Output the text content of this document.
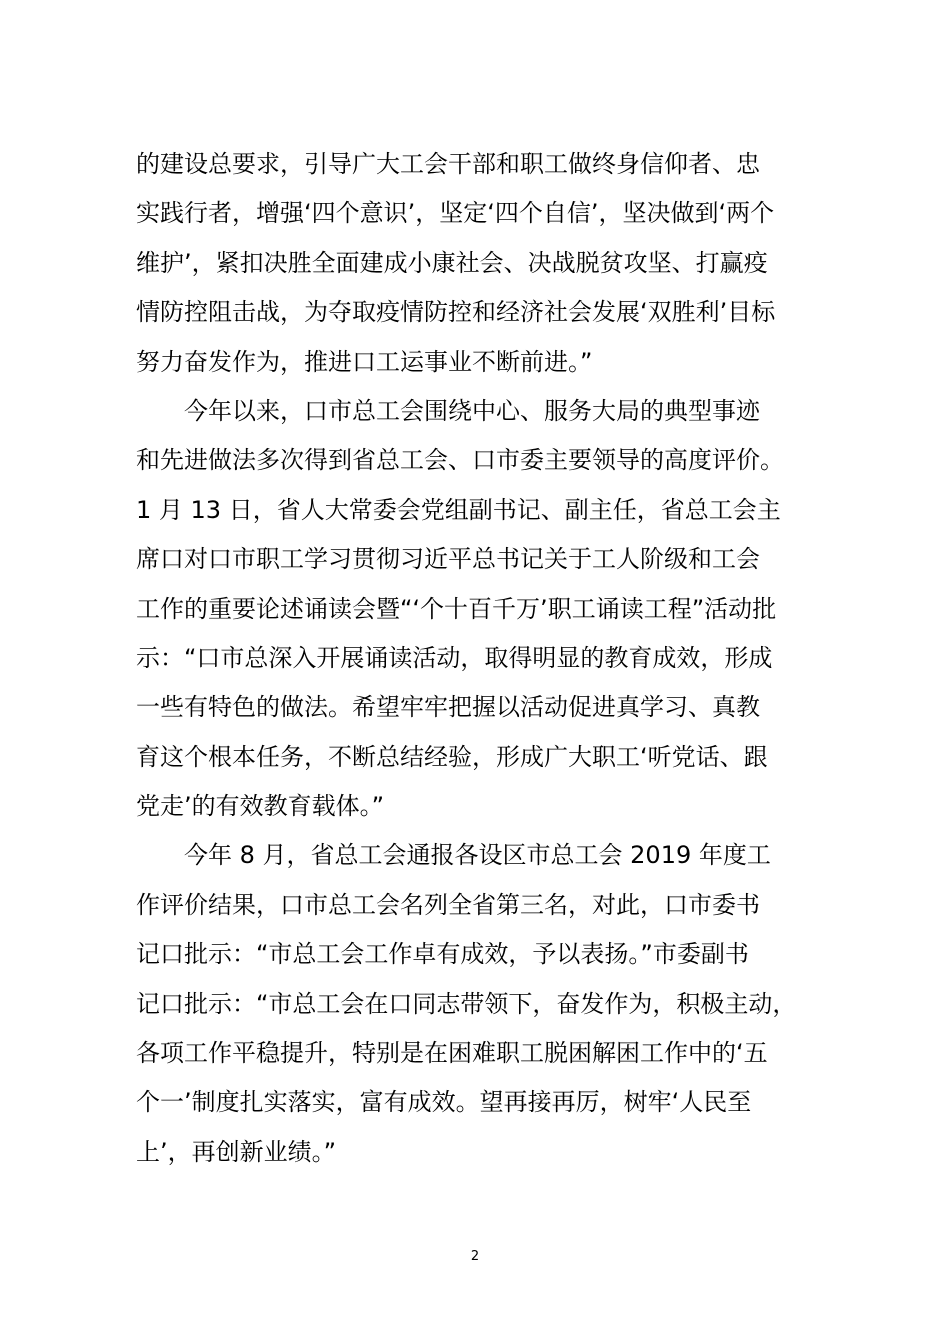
的建设总要求，引导广大工会干部和职工做终身信仰者、忠
实践行者，增强‘四个意识’，坚定‘四个自信’，坚决做到‘两个
维护’，紧扣决胜全面建成小康社会、决战脱贫攻坚、打赢疫
情防控阻击战，为夺取疫情防控和经济社会发展‘双胜利’目标
努力奋发作为，推进口工运事业不断前进。”
今年以来，口市总工会围绕中心、服务大局的典型事迹
和先进做法多次得到省总工会、口市委主要领导的高度评价。
1 月 13 日，省人大常委会党组副书记、副主任，省总工会主
席口对口市职工学习贯彻习近平总书记关于工人阶级和工会
工作的重要论述诵读会暨“‘个十百千万’职工诵读工程”活动批
示：“口市总深入开展诵读活动，取得明显的教育成效，形成
一些有特色的做法。希望牢牢把握以活动促进真学习、真教
育这个根本任务，不断总结经验，形成广大职工‘听党话、跟
党走’的有效教育载体。”
今年 8 月，省总工会通报各设区市总工会 2019 年度工
作评价结果，口市总工会名列全省第三名，对此，口市委书
记口批示：“市总工会工作卓有成效，予以表扬。”市委副书
记口批示：“市总工会在口同志带领下，奋发作为，积极主动，
各项工作平稳提升，特别是在困难职工脱困解困工作中的‘五
个一’制度扎实落实，富有成效。望再接再厉，树牢‘人民至
上’，再创新业绩。”
2
